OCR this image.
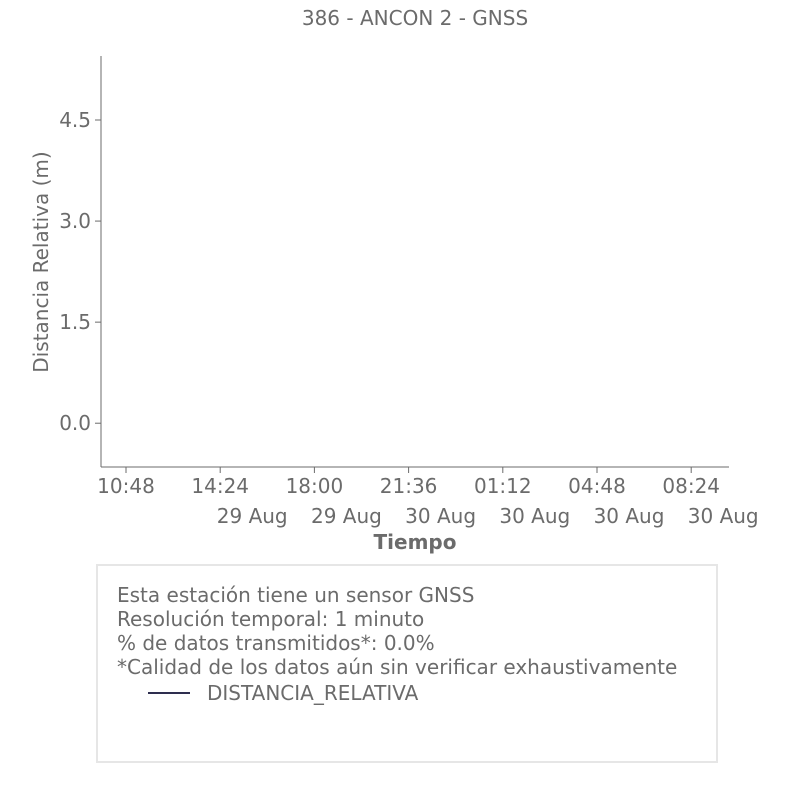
386 - ANCON 2 - GNSS
0.0
1.5
3.0
4.5
10:48 14:24
29 Aug
18:00
29 Aug
21:36
30 Aug
01:12
30 Aug
04:48
30 Aug
08:24
30 Aug
Distancia Relativa (m)
Tiempo
Esta estación tiene un sensor GNSS
Resolución temporal: 1 minuto
% de datos transmitidos*: 0.0%
*Calidad de los datos aún sin verificar exhaustivamente
DISTANCIA_RELATIVA
